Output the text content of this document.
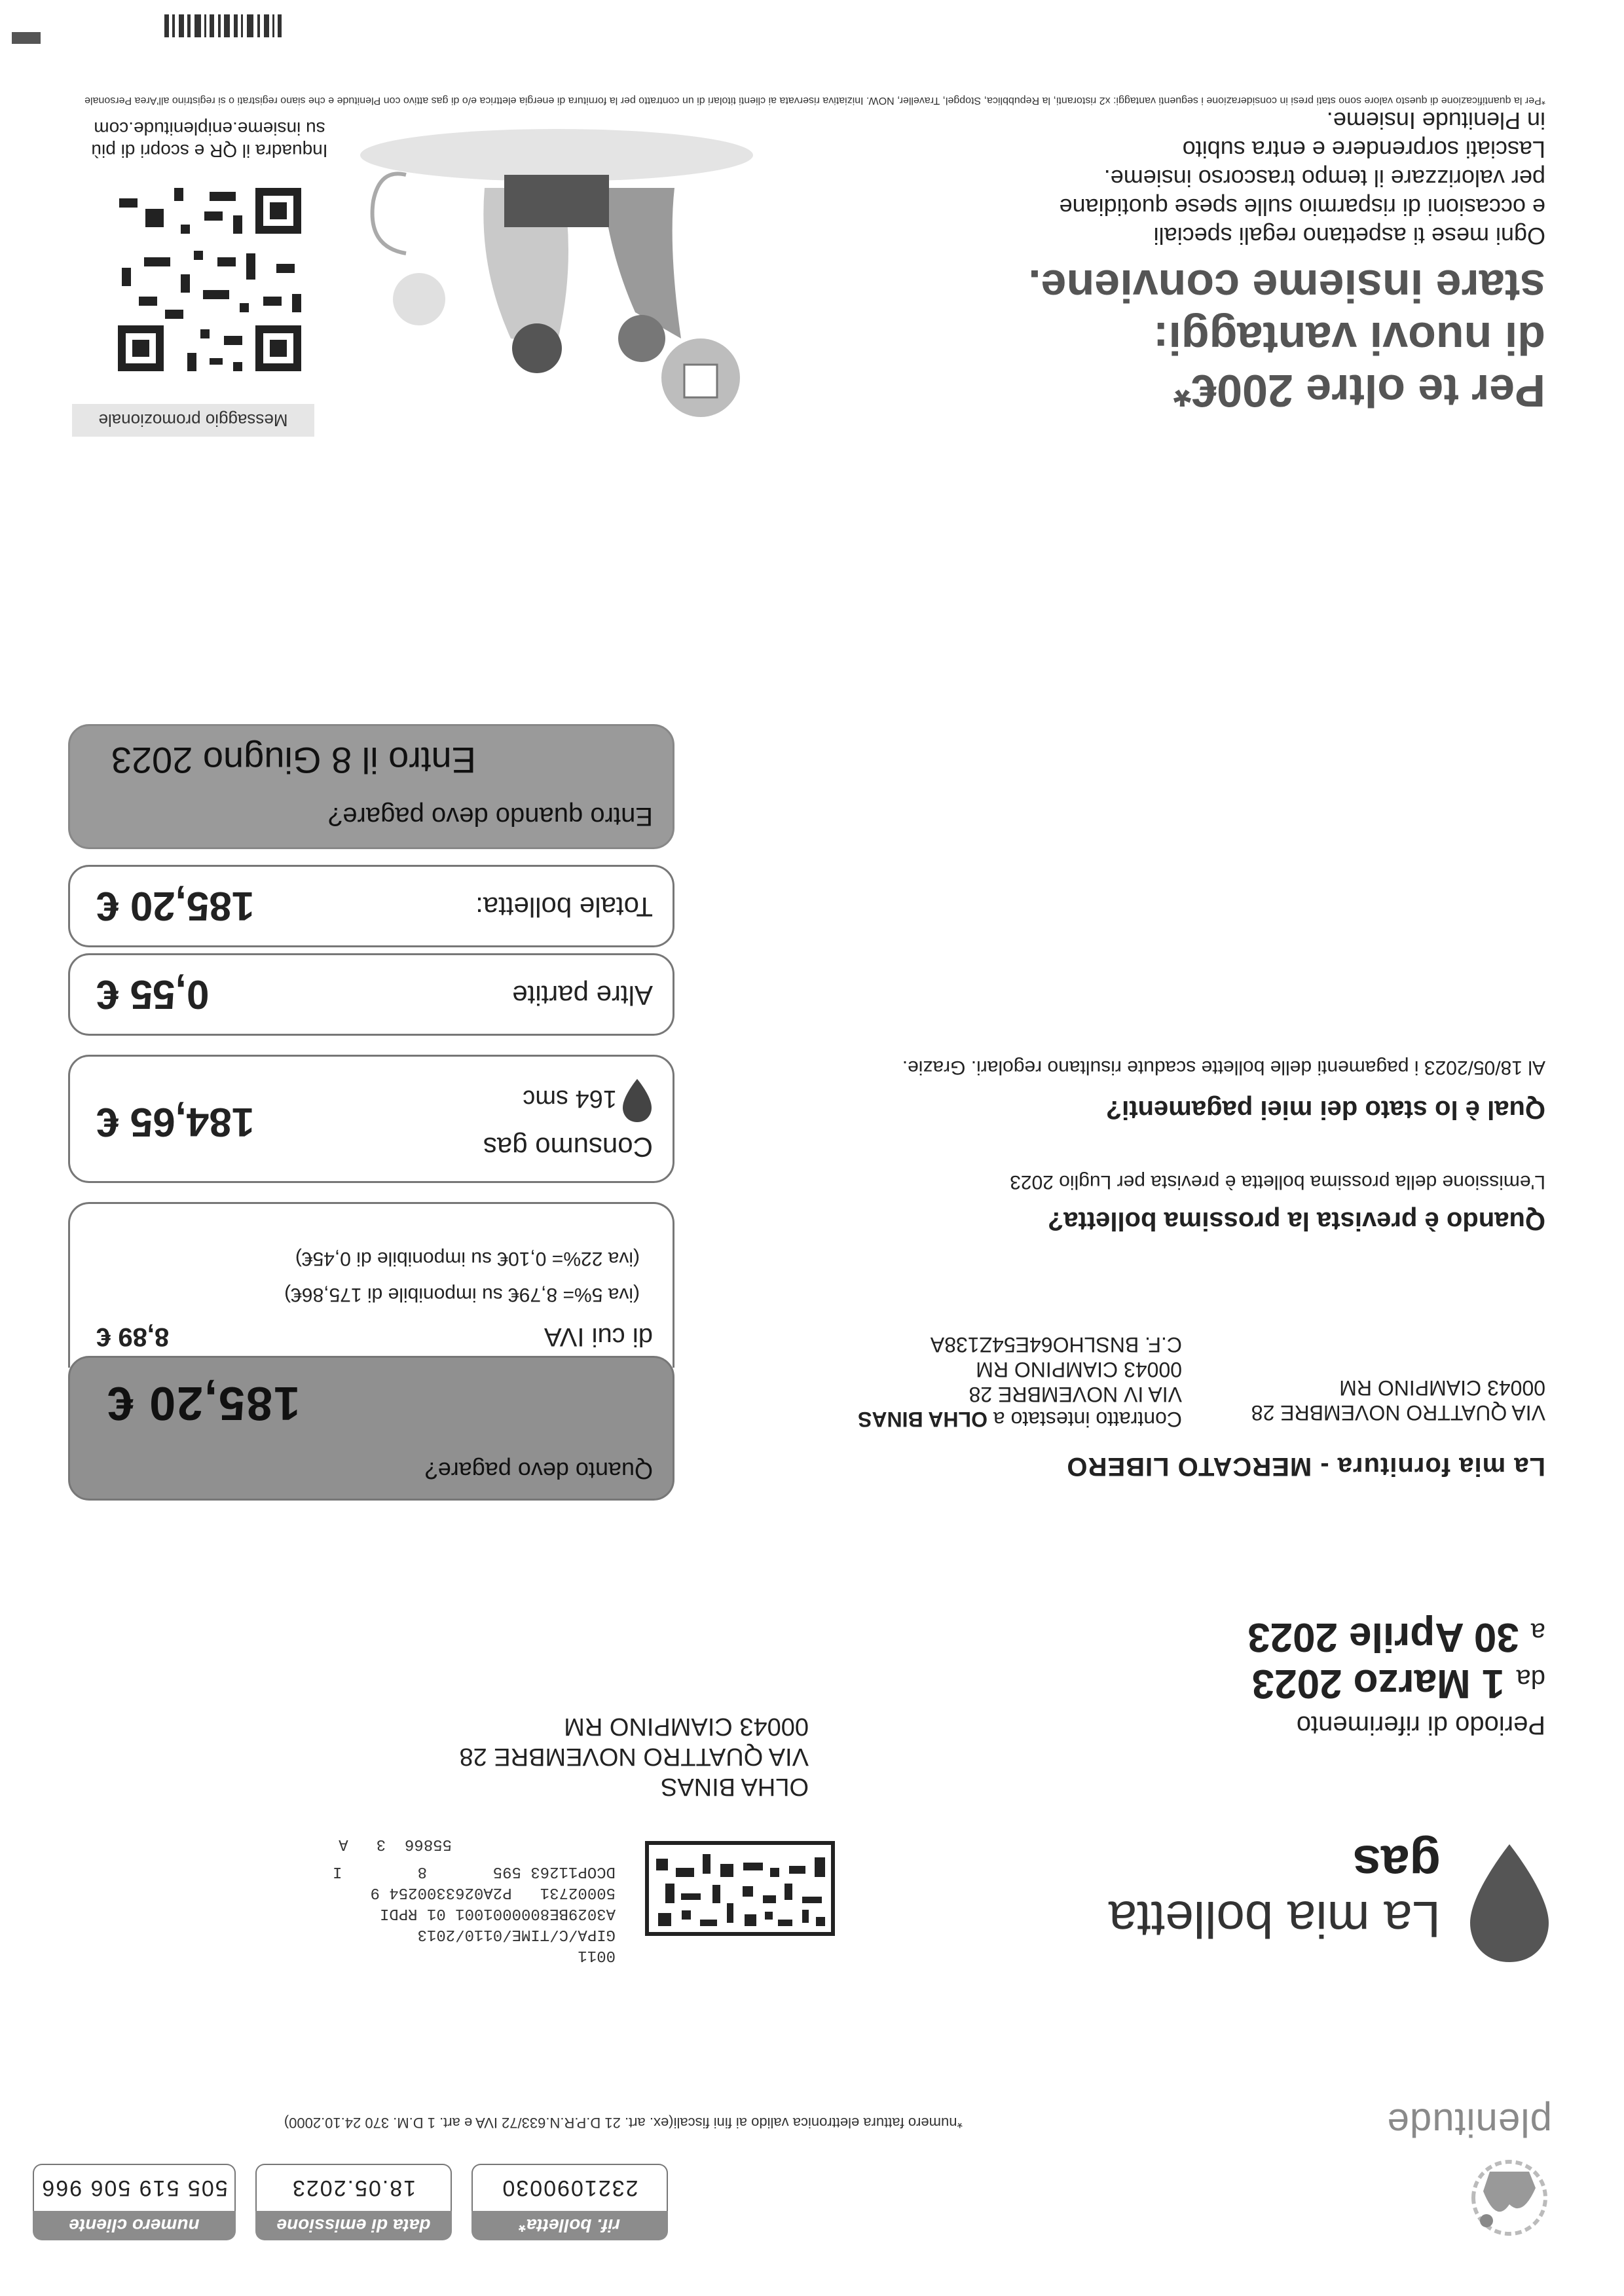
plenitude
rif. bolletta*
2321090030
data di emissione
18.05.2023
numero cliente
505 519 506 966
*numero fattura elettronica valido ai fini fiscali(ex. art. 21 D.P.R.N.633/72 IVA e art. 1 D.M. 370 24.10.2000)
La mia bolletta
gas
0011
GIPA/C/TIME/0110/2013
A3029BE8000001001 01 RPDI
50002731   P2A0263300254 9
DCOP11263 595       8        I
55866  3   A
OLHA BINAS
VIA QUATTRO NOVEMBRE 28
00043 CIAMPINO RM	Periodo di riferimento
da1 Marzo 2023
a30 Aprile 2023
La mia fornitura - MERCATO LIBERO
VIA QUATTRO NOVEMBRE 28
00043 CIAMPINO RM
Contratto intestato a OLHA BINAS
VIA IV NOVEMBRE 28
00043 CIAMPINO RM
C.F. BNSLHO64E54Z138A
Quando è prevista la prossima bolletta?
L'emissione della prossima bolletta è prevista per Luglio 2023
Qual è lo stato dei miei pagamenti?
Al 18/05/2023 i pagamenti delle bollette scadute risultano regolari. Grazie.
Quanto devo pagare?
185,20 €
di cui IVA
8,89 €
(iva 5%= 8,79€ su imponibile di 175,86€)
(iva 22%= 0,10€ su imponibile di 0,45€)
Consumo gas
164 smc
184,65 €
Altre partite
0,55 €
Totale bolletta:
185,20 €
Entro quando devo pagare?
Entro il 8 Giugno 2023
Messaggio promozionale
Inquadra il QR e scopri di più
su insieme.eniplenitude.com
Per te oltre 200€*
di nuovi vantaggi:
stare insieme conviene.
Ogni mese ti aspettano regali speciali
e occasioni di risparmio sulle spese quotidiane
per valorizzare il tempo trascorso insieme.
Lasciati sorprendere e entra subito
in Plenitude Insieme.
*Per la quantificazione di questo valore sono stati presi in considerazione i seguenti vantaggi: x2 ristoranti, la Repubblica, Stopgel, Traveller, NOW. Iniziativa riservata ai clienti titolari di un contratto per la fornitura di energia elettrica e/o di gas attivo con Plenitude e che siano registrati o si registrino all'Area Personale
